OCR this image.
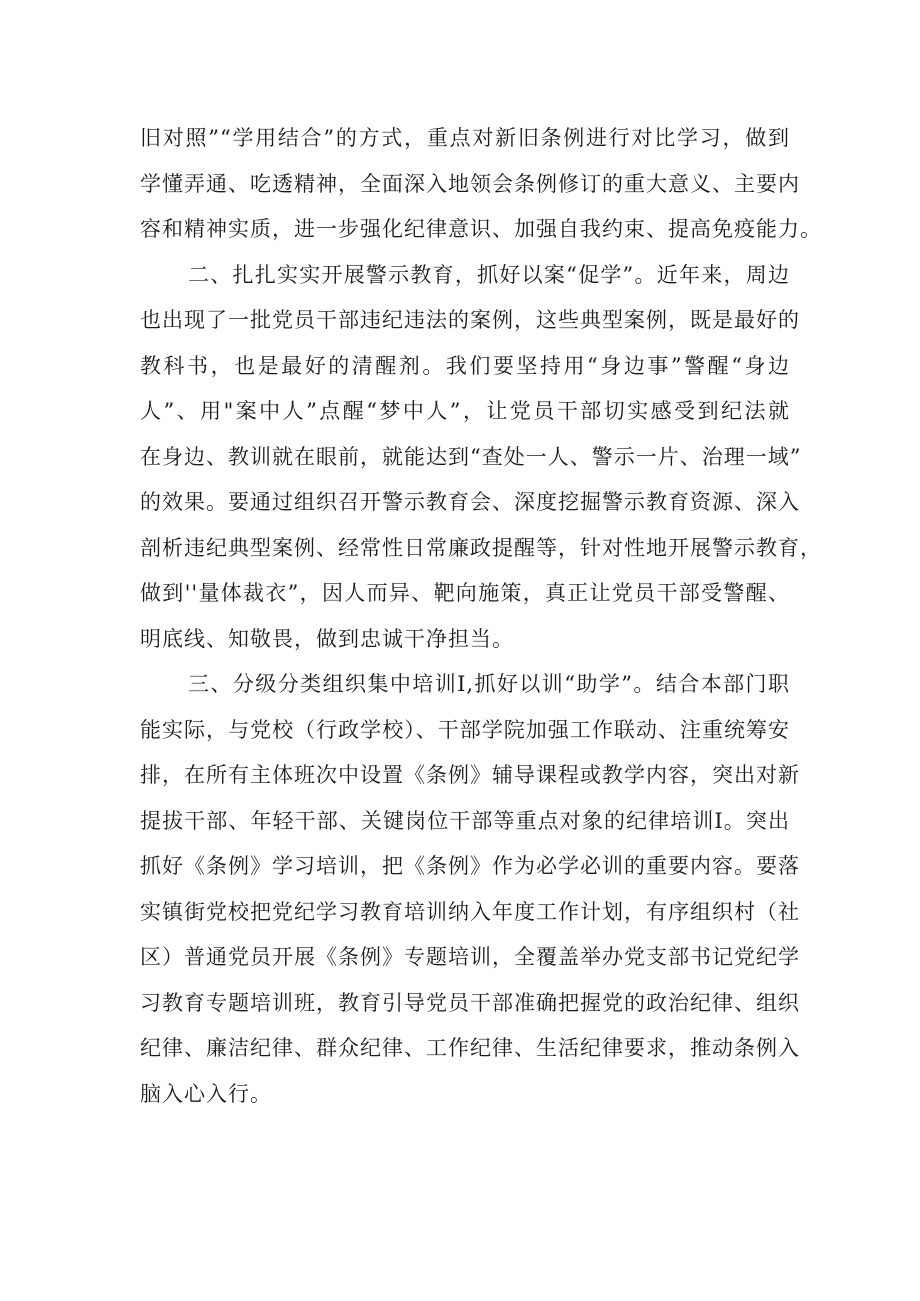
旧对照”“学用结合”的方式，重点对新旧条例进行对比学习，做到
学懂弄通、吃透精神，全面深入地领会条例修订的重大意义、主要内
容和精神实质，进一步强化纪律意识、加强自我约束、提高免疫能力。
二、扎扎实实开展警示教育，抓好以案“促学”。近年来，周边
也出现了一批党员干部违纪违法的案例，这些典型案例，既是最好的
教科书，也是最好的清醒剂。我们要坚持用“身边事”警醒“身边
人”、用"案中人”点醒“梦中人”，让党员干部切实感受到纪法就
在身边、教训就在眼前，就能达到“查处一人、警示一片、治理一域”
的效果。要通过组织召开警示教育会、深度挖掘警示教育资源、深入
剖析违纪典型案例、经常性日常廉政提醒等，针对性地开展警示教育，
做到''量体裁衣”，因人而异、靶向施策，真正让党员干部受警醒、
明底线、知敬畏，做到忠诚干净担当。
三、分级分类组织集中培训I,抓好以训“助学”。结合本部门职
能实际，与党校（行政学校）、干部学院加强工作联动、注重统筹安
排，在所有主体班次中设置《条例》辅导课程或教学内容，突出对新
提拔干部、年轻干部、关键岗位干部等重点对象的纪律培训I。突出
抓好《条例》学习培训，把《条例》作为必学必训的重要内容。要落
实镇街党校把党纪学习教育培训纳入年度工作计划，有序组织村（社
区）普通党员开展《条例》专题培训，全覆盖举办党支部书记党纪学
习教育专题培训班，教育引导党员干部准确把握党的政治纪律、组织
纪律、廉洁纪律、群众纪律、工作纪律、生活纪律要求，推动条例入
脑入心入行。
